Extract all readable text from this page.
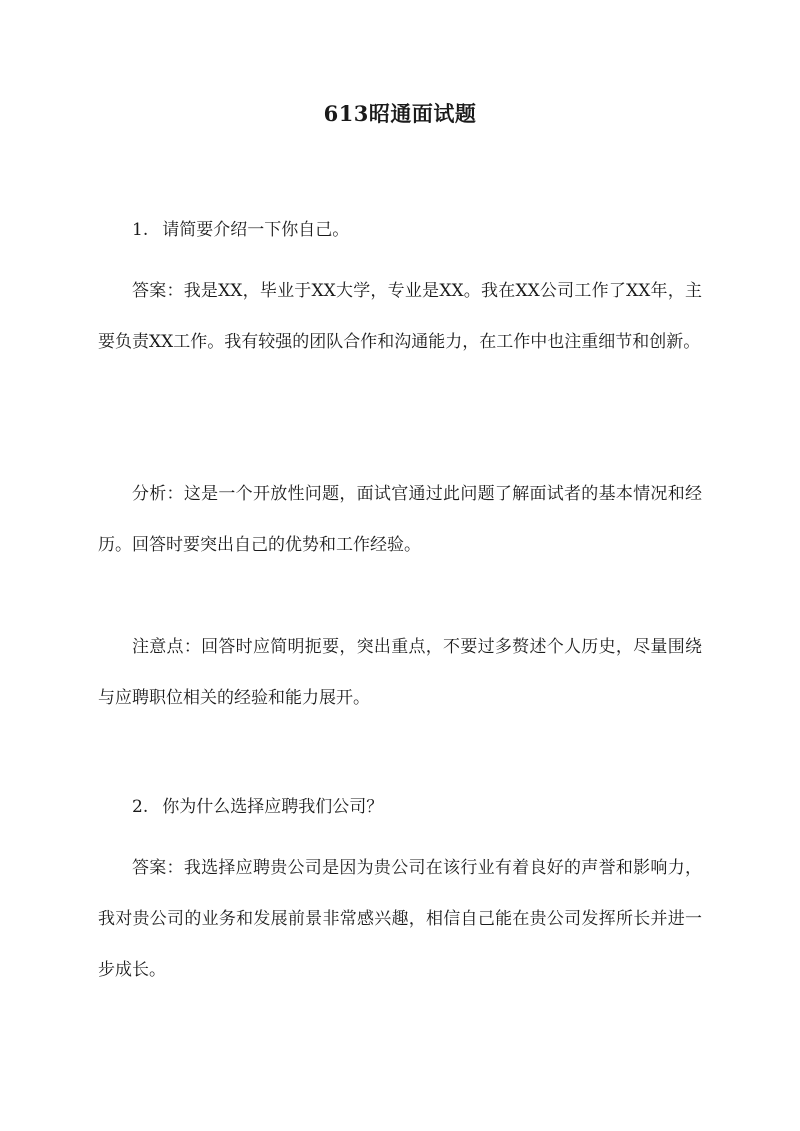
613昭通面试题

1. 请简要介绍一下你自己。

答案：我是XX，毕业于XX大学，专业是XX。我在XX公司工作了XX年，主要负责XX工作。我有较强的团队合作和沟通能力，在工作中也注重细节和创新。

分析：这是一个开放性问题，面试官通过此问题了解面试者的基本情况和经历。回答时要突出自己的优势和工作经验。

注意点：回答时应简明扼要，突出重点，不要过多赘述个人历史，尽量围绕与应聘职位相关的经验和能力展开。

2. 你为什么选择应聘我们公司？

答案：我选择应聘贵公司是因为贵公司在该行业有着良好的声誉和影响力，我对贵公司的业务和发展前景非常感兴趣，相信自己能在贵公司发挥所长并进一步成长。
